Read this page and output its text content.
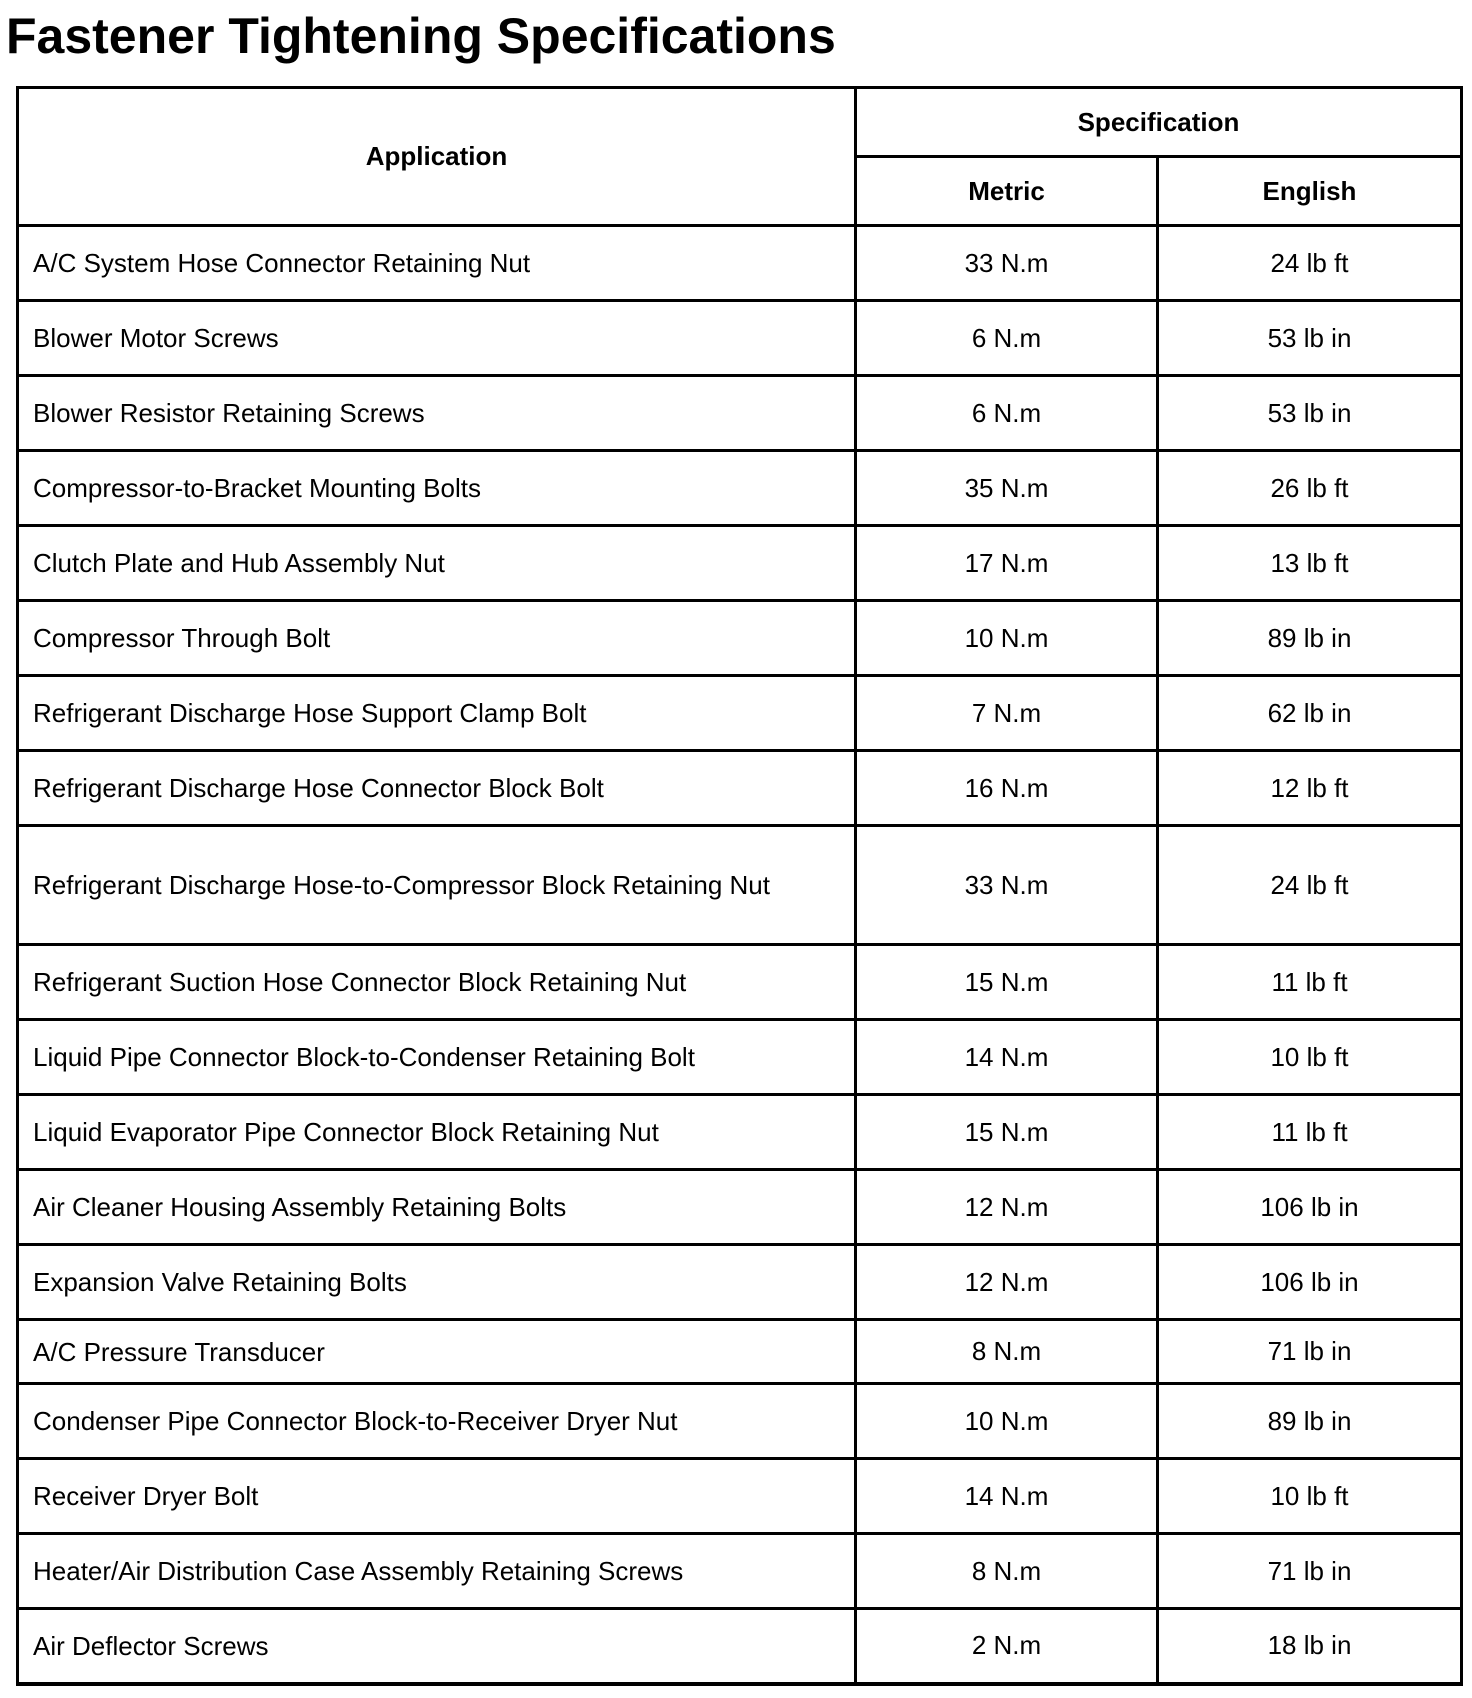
Fastener Tightening Specifications
Application	Specification	
	Metric	English
A/C System Hose Connector Retaining Nut	33 N.m	24 lb ft
Blower Motor Screws	6 N.m	53 lb in
Blower Resistor Retaining Screws	6 N.m	53 lb in
Compressor-to-Bracket Mounting Bolts	35 N.m	26 lb ft
Clutch Plate and Hub Assembly Nut	17 N.m	13 lb ft
Compressor Through Bolt	10 N.m	89 lb in
Refrigerant Discharge Hose Support Clamp Bolt	7 N.m	62 lb in
Refrigerant Discharge Hose Connector Block Bolt	16 N.m	12 lb ft
Refrigerant Discharge Hose-to-Compressor Block Retaining Nut	33 N.m	24 lb ft
Refrigerant Suction Hose Connector Block Retaining Nut	15 N.m	11 lb ft
Liquid Pipe Connector Block-to-Condenser Retaining Bolt	14 N.m	10 lb ft
Liquid Evaporator Pipe Connector Block Retaining Nut	15 N.m	11 lb ft
Air Cleaner Housing Assembly Retaining Bolts	12 N.m	106 lb in
Expansion Valve Retaining Bolts	12 N.m	106 lb in
A/C Pressure Transducer	8 N.m	71 lb in
Condenser Pipe Connector Block-to-Receiver Dryer Nut	10 N.m	89 lb in
Receiver Dryer Bolt	14 N.m	10 lb ft
Heater/Air Distribution Case Assembly Retaining Screws	8 N.m	71 lb in
Air Deflector Screws	2 N.m	18 lb in
